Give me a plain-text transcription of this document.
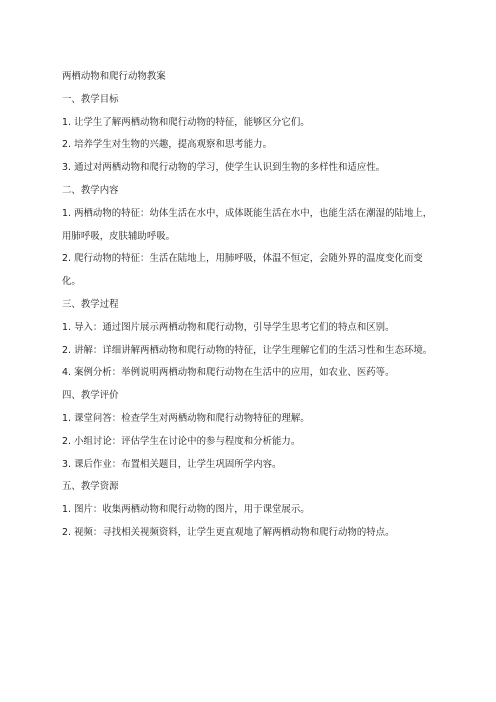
两栖动物和爬行动物教案

一、教学目标

1. 让学生了解两栖动物和爬行动物的特征，能够区分它们。

2. 培养学生对生物的兴趣，提高观察和思考能力。

3. 通过对两栖动物和爬行动物的学习，使学生认识到生物的多样性和适应性。

二、教学内容

1. 两栖动物的特征：幼体生活在水中，成体既能生活在水中，也能生活在潮湿的陆地上，用肺呼吸，皮肤辅助呼吸。

2. 爬行动物的特征：生活在陆地上，用肺呼吸，体温不恒定，会随外界的温度变化而变化。

三、教学过程

1. 导入：通过图片展示两栖动物和爬行动物，引导学生思考它们的特点和区别。

2. 讲解：详细讲解两栖动物和爬行动物的特征，让学生理解它们的生活习性和生态环境。

4. 案例分析：举例说明两栖动物和爬行动物在生活中的应用，如农业、医药等。

四、教学评价

1. 课堂问答：检查学生对两栖动物和爬行动物特征的理解。

2. 小组讨论：评估学生在讨论中的参与程度和分析能力。

3. 课后作业：布置相关题目，让学生巩固所学内容。

五、教学资源

1. 图片：收集两栖动物和爬行动物的图片，用于课堂展示。

2. 视频：寻找相关视频资料，让学生更直观地了解两栖动物和爬行动物的特点。
